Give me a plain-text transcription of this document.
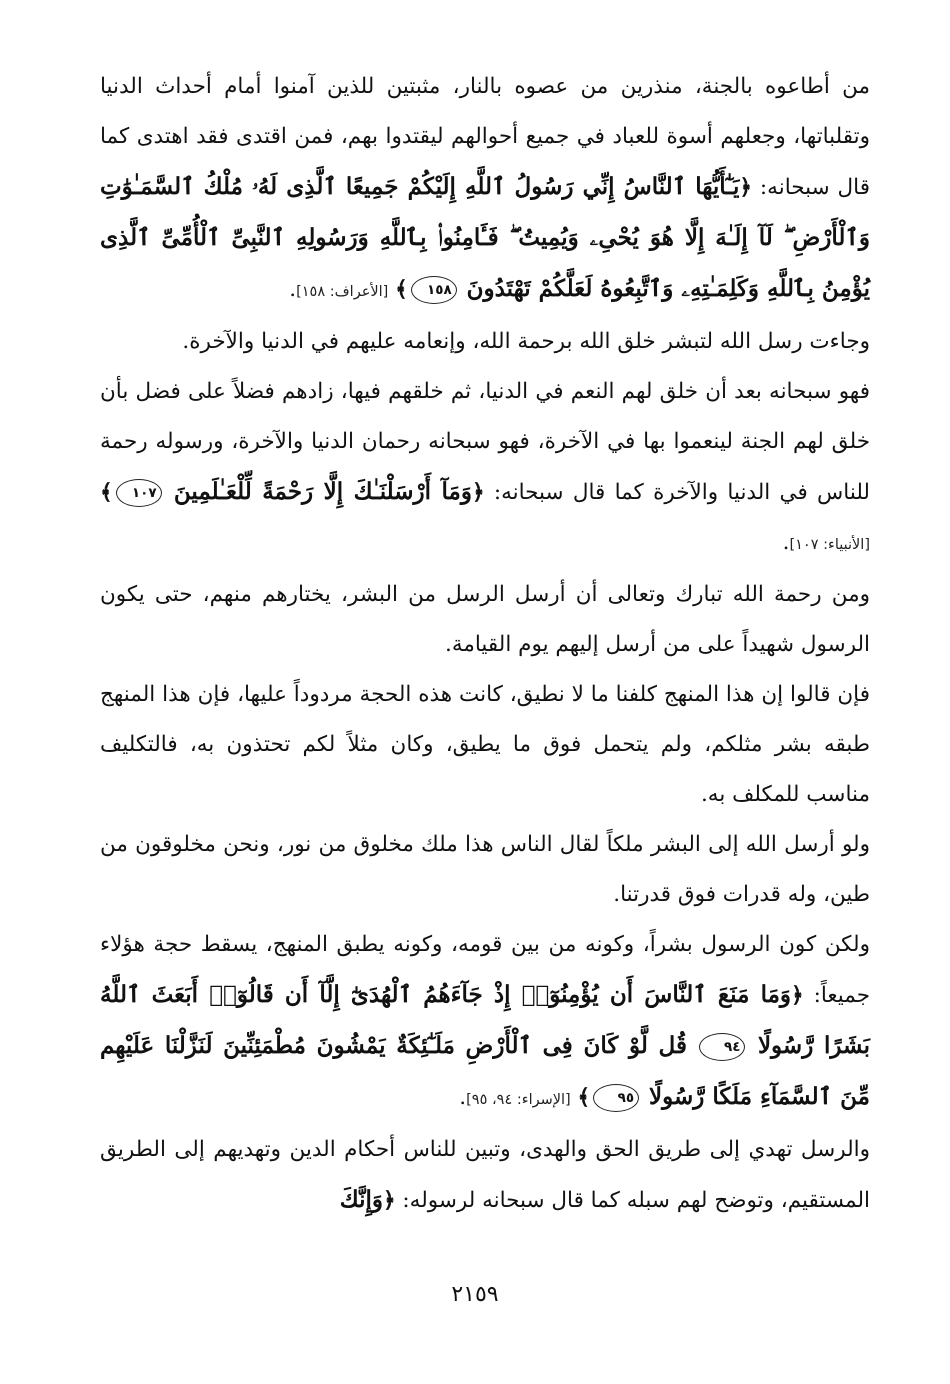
من أطاعوه بالجنة، منذرين من عصوه بالنار، مثبتين للذين آمنوا أمام أحداث الدنيا وتقلباتها، وجعلهم أسوة للعباد في جميع أحوالهم ليقتدوا بهم، فمن اقتدى فقد اهتدى كما قال سبحانه: ﴿يَـٰٓأَيُّهَا ٱلنَّاسُ إِنِّي رَسُولُ ٱللَّهِ إِلَيْكُمْ جَمِيعًا ٱلَّذِى لَهُۥ مُلْكُ ٱلسَّمَـٰوَٰتِ وَٱلْأَرْضِ ۖ لَآ إِلَـٰهَ إِلَّا هُوَ يُحْىِۦ وَيُمِيتُ ۖ فَـَٔامِنُوا۟ بِٱللَّهِ وَرَسُولِهِ ٱلنَّبِىِّ ٱلْأُمِّىِّ ٱلَّذِى يُؤْمِنُ بِٱللَّهِ وَكَلِمَـٰتِهِۦ وَٱتَّبِعُوهُ لَعَلَّكُمْ تَهْتَدُونَ ١٥٨﴾ [الأعراف: ١٥٨].

وجاءت رسل الله لتبشر خلق الله برحمة الله، وإنعامه عليهم في الدنيا والآخرة.

فهو سبحانه بعد أن خلق لهم النعم في الدنيا، ثم خلقهم فيها، زادهم فضلاً على فضل بأن خلق لهم الجنة لينعموا بها في الآخرة، فهو سبحانه رحمان الدنيا والآخرة، ورسوله رحمة للناس في الدنيا والآخرة كما قال سبحانه: ﴿وَمَآ أَرْسَلْنَـٰكَ إِلَّا رَحْمَةً لِّلْعَـٰلَمِينَ ١٠٧﴾ [الأنبياء: ١٠٧].

ومن رحمة الله تبارك وتعالى أن أرسل الرسل من البشر، يختارهم منهم، حتى يكون الرسول شهيداً على من أرسل إليهم يوم القيامة.

فإن قالوا إن هذا المنهج كلفنا ما لا نطيق، كانت هذه الحجة مردوداً عليها، فإن هذا المنهج طبقه بشر مثلكم، ولم يتحمل فوق ما يطيق، وكان مثلاً لكم تحتذون به، فالتكليف مناسب للمكلف به.

ولو أرسل الله إلى البشر ملكاً لقال الناس هذا ملك مخلوق من نور، ونحن مخلوقون من طين، وله قدرات فوق قدرتنا.

ولكن كون الرسول بشراً، وكونه من بين قومه، وكونه يطبق المنهج، يسقط حجة هؤلاء جميعاً: ﴿وَمَا مَنَعَ ٱلنَّاسَ أَن يُؤْمِنُوٓا۟ إِذْ جَآءَهُمُ ٱلْهُدَىٰٓ إِلَّآ أَن قَالُوٓا۟ أَبَعَثَ ٱللَّهُ بَشَرًا رَّسُولًا ٩٤ قُل لَّوْ كَانَ فِى ٱلْأَرْضِ مَلَـٰٓئِكَةٌ يَمْشُونَ مُطْمَئِنِّينَ لَنَزَّلْنَا عَلَيْهِم مِّنَ ٱلسَّمَآءِ مَلَكًا رَّسُولًا ٩٥﴾ [الإسراء: ٩٤، ٩٥].

والرسل تهدي إلى طريق الحق والهدى، وتبين للناس أحكام الدين وتهديهم إلى الطريق المستقيم، وتوضح لهم سبله كما قال سبحانه لرسوله: ﴿وَإِنَّكَ

٢١٥٩
